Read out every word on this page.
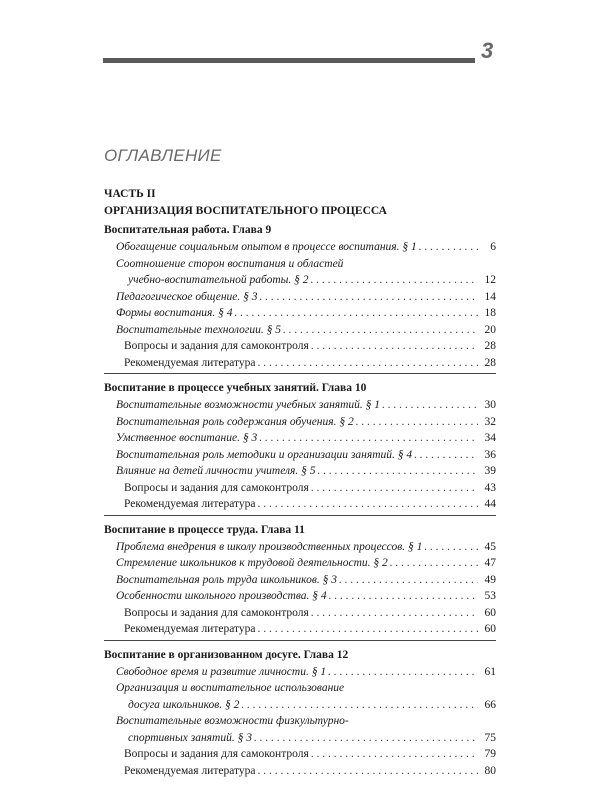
3
ОГЛАВЛЕНИЕ
ЧАСТЬ II
ОРГАНИЗАЦИЯ ВОСПИТАТЕЛЬНОГО ПРОЦЕССА
Воспитательная работа. Глава 9
Обогащение социальным опытом в процессе воспитания. § 1 . . .	6
Соотношение сторон воспитания и областей
учебно-воспитательной работы. § 2 . . .	12
Педагогическое общение. § 3 . . .	14
Формы воспитания. § 4 . . .	18
Воспитательные технологии. § 5 . . .	20
Вопросы и задания для самоконтроля . . .	28
Рекомендуемая литература . . .	28
Воспитание в процессе учебных занятий. Глава 10
Воспитательные возможности учебных занятий. § 1 . . .	30
Воспитательная роль содержания обучения. § 2 . . .	32
Умственное воспитание. § 3 . . .	34
Воспитательная роль методики и организации занятий. § 4 . . .	36
Влияние на детей личности учителя. § 5 . . .	39
Вопросы и задания для самоконтроля . . .	43
Рекомендуемая литература . . .	44
Воспитание в процессе труда. Глава 11
Проблема внедрения в школу производственных процессов. § 1 . . .	45
Стремление школьников к трудовой деятельности. § 2 . . .	47
Воспитательная роль труда школьников. § 3 . . .	49
Особенности школьного производства. § 4 . . .	53
Вопросы и задания для самоконтроля . . .	60
Рекомендуемая литература . . .	60
Воспитание в организованном досуге. Глава 12
Свободное время и развитие личности. § 1 . . .	61
Организация и воспитательное использование
досуга школьников. § 2 . . .	66
Воспитательные возможности физкультурно-
спортивных занятий. § 3 . . .	75
Вопросы и задания для самоконтроля . . .	79
Рекомендуемая литература . . .	80
